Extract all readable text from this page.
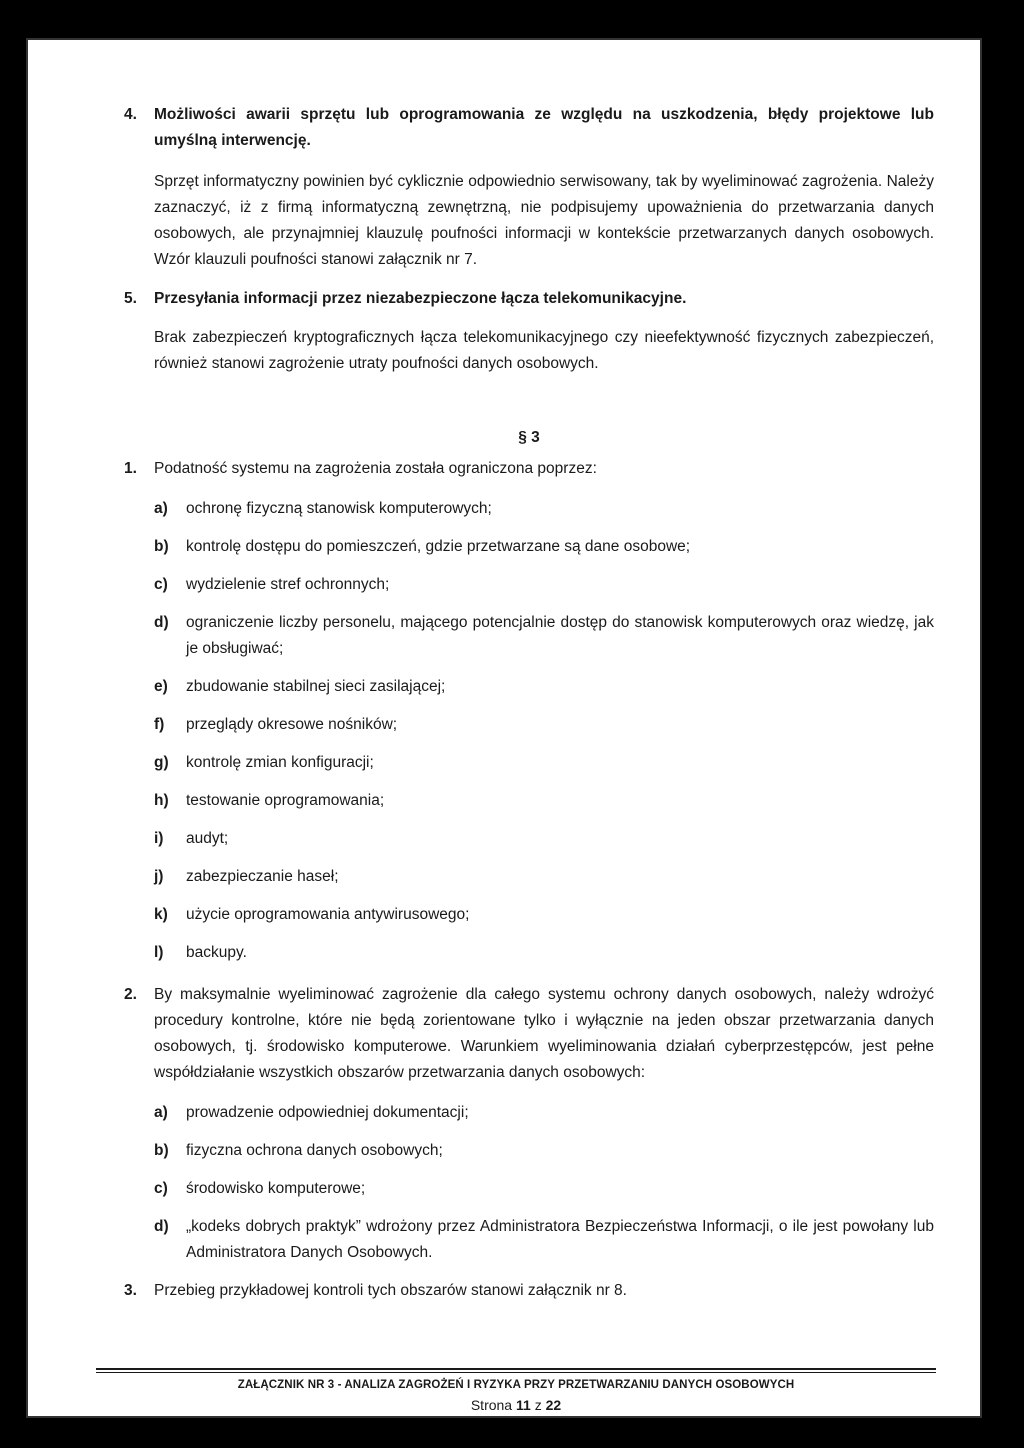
4.	Możliwości awarii sprzętu lub oprogramowania ze względu na uszkodzenia, błędy projektowe lub umyślną interwencję.
Sprzęt informatyczny powinien być cyklicznie odpowiednio serwisowany, tak by wyeliminować zagrożenia. Należy zaznaczyć, iż z firmą informatyczną zewnętrzną, nie podpisujemy upoważnienia do przetwarzania danych osobowych, ale przynajmniej klauzulę poufności informacji w kontekście przetwarzanych danych osobowych. Wzór klauzuli poufności stanowi załącznik nr 7.
5.	Przesyłania informacji przez niezabezpieczone łącza telekomunikacyjne.
Brak zabezpieczeń kryptograficznych łącza telekomunikacyjnego czy nieefektywność fizycznych zabezpieczeń, również stanowi zagrożenie utraty poufności danych osobowych.
§ 3
1.	Podatność systemu na zagrożenia została ograniczona poprzez:
a)	ochronę fizyczną stanowisk komputerowych;
b)	kontrolę dostępu do pomieszczeń, gdzie przetwarzane są dane osobowe;
c)	wydzielenie stref ochronnych;
d)	ograniczenie liczby personelu, mającego potencjalnie dostęp do stanowisk komputerowych oraz wiedzę, jak je obsługiwać;
e)	zbudowanie stabilnej sieci zasilającej;
f)	przeglądy okresowe nośników;
g)	kontrolę zmian konfiguracji;
h)	testowanie oprogramowania;
i)	audyt;
j)	zabezpieczanie haseł;
k)	użycie oprogramowania antywirusowego;
l)	backupy.
2.	By maksymalnie wyeliminować zagrożenie dla całego systemu ochrony danych osobowych, należy wdrożyć procedury kontrolne, które nie będą zorientowane tylko i wyłącznie na jeden obszar przetwarzania danych osobowych, tj. środowisko komputerowe. Warunkiem wyeliminowania działań cyberprzestępców, jest pełne współdziałanie wszystkich obszarów przetwarzania danych osobowych:
a)	prowadzenie odpowiedniej dokumentacji;
b)	fizyczna ochrona danych osobowych;
c)	środowisko komputerowe;
d)	„kodeks dobrych praktyk” wdrożony przez Administratora Bezpieczeństwa Informacji, o ile jest powołany lub Administratora Danych Osobowych.
3.	Przebieg przykładowej kontroli tych obszarów stanowi załącznik nr 8.
ZAŁĄCZNIK NR 3 - ANALIZA ZAGROŻEŃ I RYZYKA PRZY PRZETWARZANIU DANYCH OSOBOWYCH
Strona 11 z 22
